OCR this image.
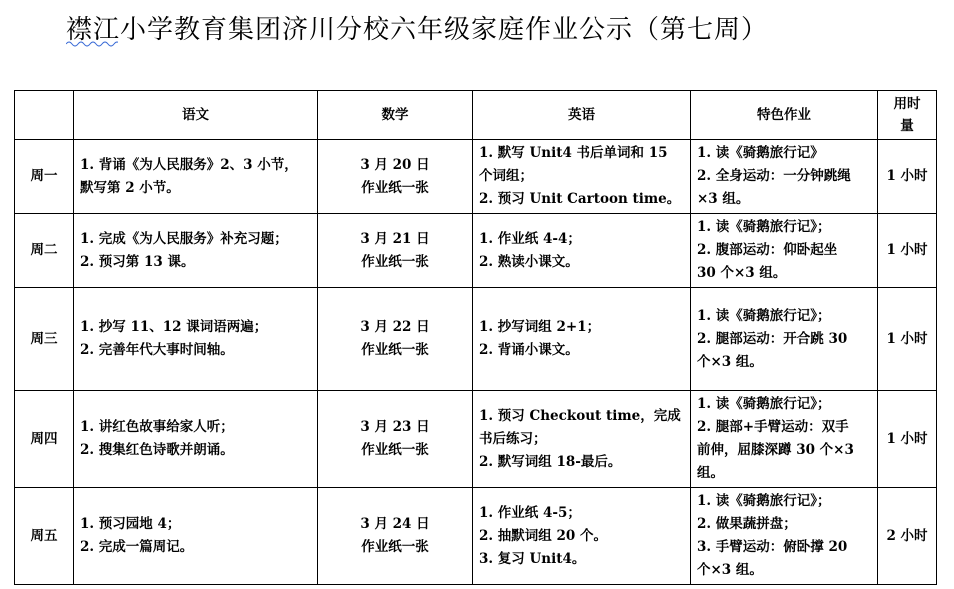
襟江小学教育集团济川分校六年级家庭作业公示（第七周）
	语文	数学	英语	特色作业	用时
量

周一	1. 背诵《为人民服务》2、3 小节，
默写第 2 小节。	3 月 20 日
作业纸一张	1. 默写 Unit4 书后单词和 15
个词组；
2. 预习 Unit Cartoon time。	1. 读《骑鹅旅行记》
2. 全身运动：一分钟跳绳
×3 组。	1 小时
周二	1. 完成《为人民服务》补充习题；
2. 预习第 13 课。	3 月 21 日
作业纸一张	1. 作业纸 4-4；
2. 熟读小课文。	1. 读《骑鹅旅行记》；
2. 腹部运动：仰卧起坐
30 个×3 组。	1 小时
周三	1. 抄写 11、12 课词语两遍；
2. 完善年代大事时间轴。	3 月 22 日
作业纸一张	1. 抄写词组 2+1；
2. 背诵小课文。	1. 读《骑鹅旅行记》；
2. 腿部运动：开合跳 30
个×3 组。	1 小时
周四	1. 讲红色故事给家人听；
2. 搜集红色诗歌并朗诵。	3 月 23 日
作业纸一张	1. 预习 Checkout time，完成
书后练习；
2. 默写词组 18-最后。	1. 读《骑鹅旅行记》；
2. 腿部+手臂运动：双手
前伸，屈膝深蹲 30 个×3
组。	1 小时
周五	1. 预习园地 4；
2. 完成一篇周记。	3 月 24 日
作业纸一张	1. 作业纸 4-5；
2. 抽默词组 20 个。
3. 复习 Unit4。	1. 读《骑鹅旅行记》；
2. 做果蔬拼盘；
3. 手臂运动：俯卧撑 20
个×3 组。	2 小时
